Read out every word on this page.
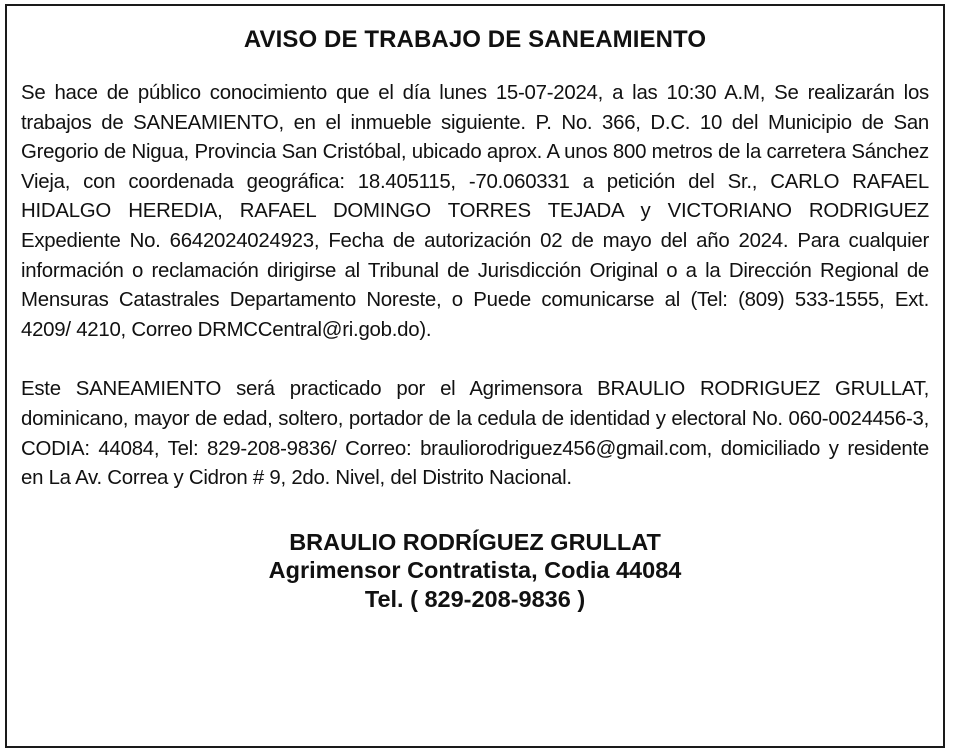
AVISO DE TRABAJO DE SANEAMIENTO

Se hace de público conocimiento que el día lunes 15-07-2024, a las 10:30 A.M, Se realizarán los trabajos de SANEAMIENTO, en el inmueble siguiente. P. No. 366, D.C. 10 del Municipio de San Gregorio de Nigua, Provincia San Cristóbal, ubicado aprox. A unos 800 metros de la carretera Sánchez Vieja, con coordenada geográfica: 18.405115, -70.060331 a petición del Sr., CARLO RAFAEL HIDALGO HEREDIA, RAFAEL DOMINGO TORRES TEJADA y VICTORIANO RODRIGUEZ Expediente No. 6642024024923, Fecha de autorización 02 de mayo del año 2024. Para cualquier información o reclamación dirigirse al Tribunal de Jurisdicción Original o a la Dirección Regional de Mensuras Catastrales Departamento Noreste, o Puede comunicarse al (Tel: (809) 533-1555, Ext. 4209/ 4210, Correo DRMCCentral@ri.gob.do).

Este SANEAMIENTO será practicado por el Agrimensora BRAULIO RODRIGUEZ GRULLAT, dominicano, mayor de edad, soltero, portador de la cedula de identidad y electoral No. 060-0024456-3, CODIA: 44084, Tel: 829-208-9836/ Correo: brauliorodriguez456@gmail.com, domiciliado y residente en La Av. Correa y Cidron # 9, 2do. Nivel, del Distrito Nacional.

BRAULIO RODRÍGUEZ GRULLAT
Agrimensor Contratista, Codia 44084
Tel. ( 829-208-9836 )
